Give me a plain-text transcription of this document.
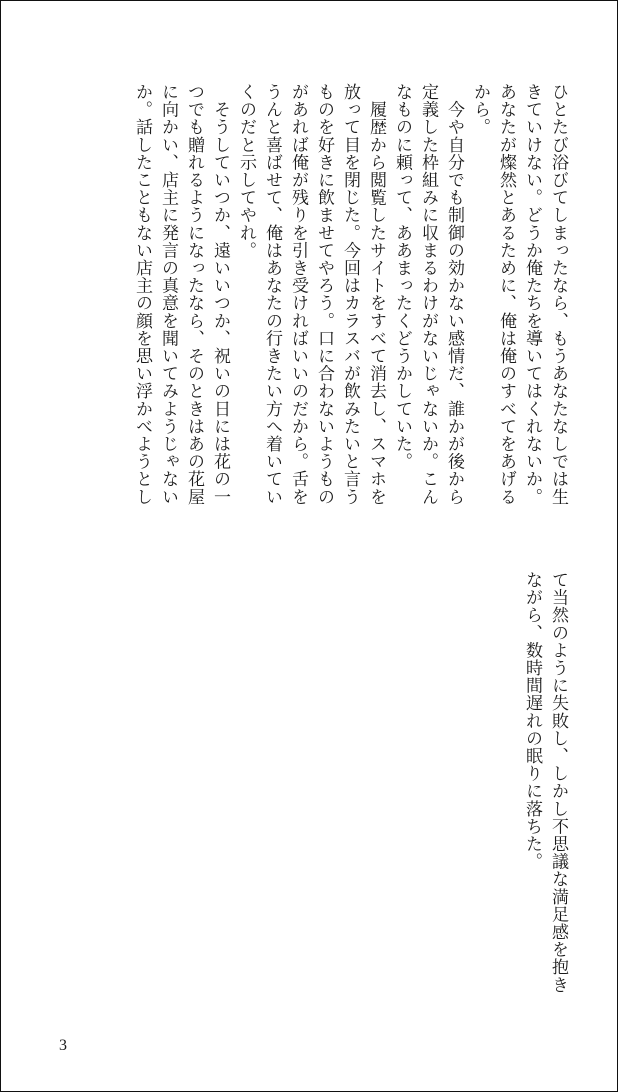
ひとたび浴びてしまったなら、もうあなたなしでは生
きていけない。どうか俺たちを導いてはくれないか。
あなたが燦然とあるために、俺は俺のすべてをあげる
から。
　今や自分でも制御の効かない感情だ、誰かが後から
定義した枠組みに収まるわけがないじゃないか。こん
なものに頼って、ああまったくどうかしていた。
　履歴から閲覧したサイトをすべて消去し、スマホを
放って目を閉じた。今回はカラスバが飲みたいと言う
ものを好きに飲ませてやろう。口に合わないようもの
があれば俺が残りを引き受ければいいのだから。舌を
うんと喜ばせて、俺はあなたの行きたい方へ着いてい
くのだと示してやれ。
　そうしていつか、遠いいつか、祝いの日には花の一
つでも贈れるようになったなら、そのときはあの花屋
に向かい、店主に発言の真意を聞いてみようじゃない
か。話したこともない店主の顔を思い浮かべようとし
て当然のように失敗し、しかし不思議な満足感を抱き
ながら、数時間遅れの眠りに落ちた。
3
